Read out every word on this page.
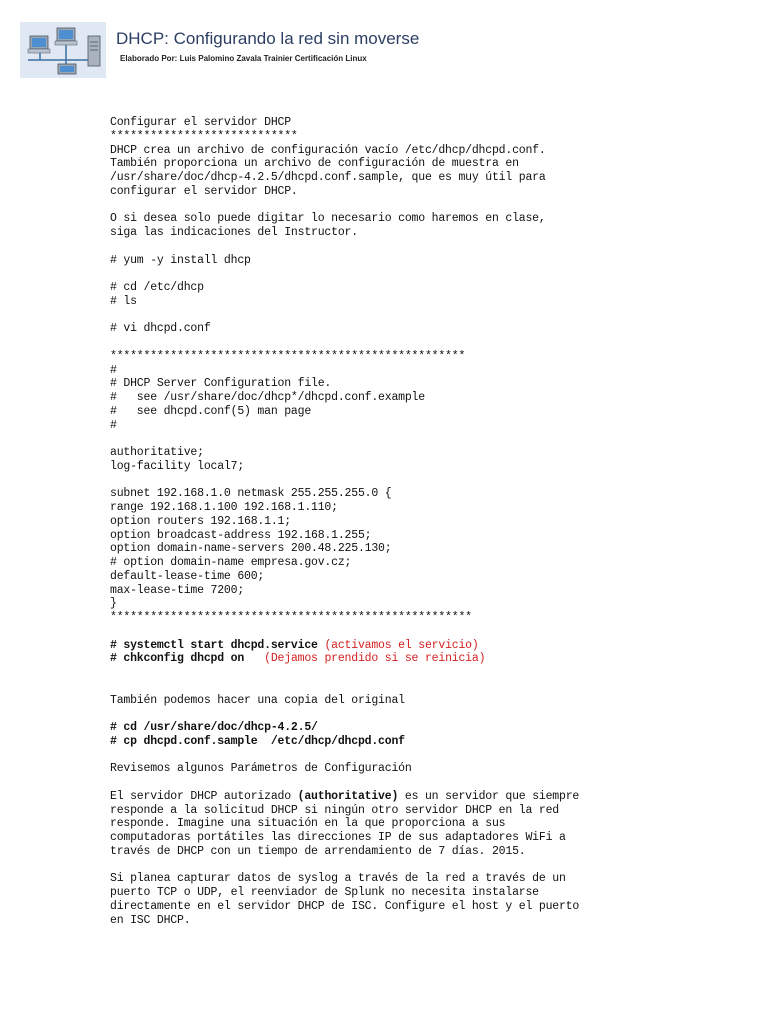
DHCP: Configurando la red sin moverse

Elaborado Por: Luis Palomino Zavala Trainier Certificación Linux

Configurar el servidor DHCP
****************************
DHCP crea un archivo de configuración vacío /etc/dhcp/dhcpd.conf.
También proporciona un archivo de configuración de muestra en
/usr/share/doc/dhcp-4.2.5/dhcpd.conf.sample, que es muy útil para
configurar el servidor DHCP.
O si desea solo puede digitar lo necesario como haremos en clase,
siga las indicaciones del Instructor.
# yum -y install dhcp
# cd /etc/dhcp
# ls
# vi dhcpd.conf
*****************************************************
#
# DHCP Server Configuration file.
#   see /usr/share/doc/dhcp*/dhcpd.conf.example
#   see dhcpd.conf(5) man page
#
authoritative;
log-facility local7;
subnet 192.168.1.0 netmask 255.255.255.0 {
range 192.168.1.100 192.168.1.110;
option routers 192.168.1.1;
option broadcast-address 192.168.1.255;
option domain-name-servers 200.48.225.130;
# option domain-name empresa.gov.cz;
default-lease-time 600;
max-lease-time 7200;
}
******************************************************
# systemctl start dhcpd.service (activamos el servicio)
# chkconfig dhcpd on   (Dejamos prendido si se reinicia)
También podemos hacer una copia del original
# cd /usr/share/doc/dhcp-4.2.5/
# cp dhcpd.conf.sample  /etc/dhcp/dhcpd.conf
Revisemos algunos Parámetros de Configuración
El servidor DHCP autorizado (authoritative) es un servidor que siempre
responde a la solicitud DHCP si ningún otro servidor DHCP en la red
responde. Imagine una situación en la que proporciona a sus
computadoras portátiles las direcciones IP de sus adaptadores WiFi a
través de DHCP con un tiempo de arrendamiento de 7 días. 2015.
Si planea capturar datos de syslog a través de la red a través de un
puerto TCP o UDP, el reenviador de Splunk no necesita instalarse
directamente en el servidor DHCP de ISC. Configure el host y el puerto
en ISC DHCP.
